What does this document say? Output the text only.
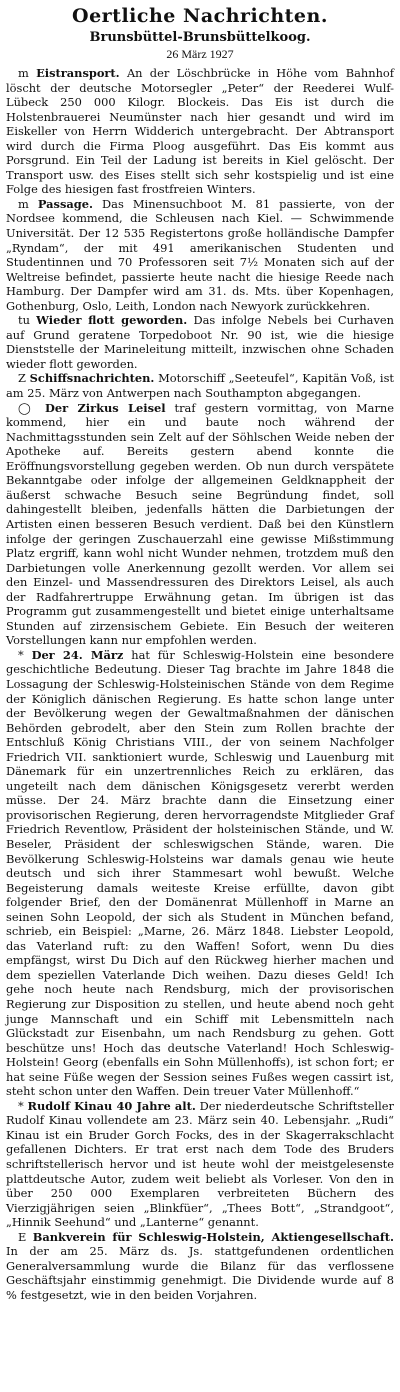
Oertliche Nachrichten.
Brunsbüttel-Brunsbüttelkoog.
26 März 1927

m Eistransport. An der Löschbrücke in Höhe vom Bahnhof löscht der deutsche Motorsegler „Peter“ der Reederei Wulf-Lübeck 250 000 Kilogr. Blockeis. Das Eis ist durch die Holstenbrauerei Neumünster nach hier gesandt und wird im Eiskeller von Herrn Widderich untergebracht. Der Abtransport wird durch die Firma Ploog ausgeführt. Das Eis kommt aus Porsgrund. Ein Teil der Ladung ist bereits in Kiel gelöscht. Der Transport usw. des Eises stellt sich sehr kostspielig und ist eine Folge des hiesigen fast frostfreien Winters.

m Passage. Das Minensuchboot M. 81 passierte, von der Nordsee kommend, die Schleusen nach Kiel. — Schwimmende Universität. Der 12 535 Registertons große holländische Dampfer „Ryndam“, der mit 491 amerikanischen Studenten und Studentinnen und 70 Professoren seit 7½ Monaten sich auf der Weltreise befindet, passierte heute nacht die hiesige Reede nach Hamburg. Der Dampfer wird am 31. ds. Mts. über Kopenhagen, Gothenburg, Oslo, Leith, London nach Newyork zurückkehren.

tu Wieder flott geworden. Das infolge Nebels bei Curhaven auf Grund geratene Torpedoboot Nr. 90 ist, wie die hiesige Dienststelle der Marineleitung mitteilt, inzwischen ohne Schaden wieder flott geworden.

Z Schiffsnachrichten. Motorschiff „Seeteufel“, Kapitän Voß, ist am 25. März von Antwerpen nach Southampton abgegangen.

◯ Der Zirkus Leisel traf gestern vormittag, von Marne kommend, hier ein und baute noch während der Nachmittagsstunden sein Zelt auf der Söhlschen Weide neben der Apotheke auf. Bereits gestern abend konnte die Eröffnungsvorstellung gegeben werden. Ob nun durch verspätete Bekanntgabe oder infolge der allgemeinen Geldknappheit der äußerst schwache Besuch seine Begründung findet, soll dahingestellt bleiben, jedenfalls hätten die Darbietungen der Artisten einen besseren Besuch verdient. Daß bei den Künstlern infolge der geringen Zuschauerzahl eine gewisse Mißstimmung Platz ergriff, kann wohl nicht Wunder nehmen, trotzdem muß den Darbietungen volle Anerkennung gezollt werden. Vor allem sei den Einzel- und Massendressuren des Direktors Leisel, als auch der Radfahrertruppe Erwähnung getan. Im übrigen ist das Programm gut zusammengestellt und bietet einige unterhaltsame Stunden auf zirzensischem Gebiete. Ein Besuch der weiteren Vorstellungen kann nur empfohlen werden.

* Der 24. März hat für Schleswig-Holstein eine besondere geschichtliche Bedeutung. Dieser Tag brachte im Jahre 1848 die Lossagung der Schleswig-Holsteinischen Stände von dem Regime der Königlich dänischen Regierung. Es hatte schon lange unter der Bevölkerung wegen der Gewaltmaßnahmen der dänischen Behörden gebrodelt, aber den Stein zum Rollen brachte der Entschluß König Christians VIII., der von seinem Nachfolger Friedrich VII. sanktioniert wurde, Schleswig und Lauenburg mit Dänemark für ein unzertrennliches Reich zu erklären, das ungeteilt nach dem dänischen Königsgesetz vererbt werden müsse. Der 24. März brachte dann die Einsetzung einer provisorischen Regierung, deren hervorragendste Mitglieder Graf Friedrich Reventlow, Präsident der holsteinischen Stände, und W. Beseler, Präsident der schleswigschen Stände, waren. Die Bevölkerung Schleswig-Holsteins war damals genau wie heute deutsch und sich ihrer Stammesart wohl bewußt. Welche Begeisterung damals weiteste Kreise erfüllte, davon gibt folgender Brief, den der Domänenrat Müllenhoff in Marne an seinen Sohn Leopold, der sich als Student in München befand, schrieb, ein Beispiel: „Marne, 26. März 1848. Liebster Leopold, das Vaterland ruft: zu den Waffen! Sofort, wenn Du dies empfängst, wirst Du Dich auf den Rückweg hierher machen und dem speziellen Vaterlande Dich weihen. Dazu dieses Geld! Ich gehe noch heute nach Rendsburg, mich der provisorischen Regierung zur Disposition zu stellen, und heute abend noch geht junge Mannschaft und ein Schiff mit Lebensmitteln nach Glückstadt zur Eisenbahn, um nach Rendsburg zu gehen. Gott beschütze uns! Hoch das deutsche Vaterland! Hoch Schleswig-Holstein! Georg (ebenfalls ein Sohn Müllenhoffs), ist schon fort; er hat seine Füße wegen der Session seines Fußes wegen cassirt ist, steht schon unter den Waffen. Dein treuer Vater Müllenhoff.“

* Rudolf Kinau 40 Jahre alt. Der niederdeutsche Schriftsteller Rudolf Kinau vollendete am 23. März sein 40. Lebensjahr. „Rudi“ Kinau ist ein Bruder Gorch Focks, des in der Skagerrakschlacht gefallenen Dichters. Er trat erst nach dem Tode des Bruders schriftstellerisch hervor und ist heute wohl der meistgelesenste plattdeutsche Autor, zudem weit beliebt als Vorleser. Von den in über 250 000 Exemplaren verbreiteten Büchern des Vierzigjährigen seien „Blinkfüer“, „Thees Bott“, „Strandgoot“, „Hinnik Seehund“ und „Lanterne“ genannt.

E Bankverein für Schleswig-Holstein, Aktiengesellschaft. In der am 25. März ds. Js. stattgefundenen ordentlichen Generalversammlung wurde die Bilanz für das verflossene Geschäftsjahr einstimmig genehmigt. Die Dividende wurde auf 8 % festgesetzt, wie in den beiden Vorjahren.
